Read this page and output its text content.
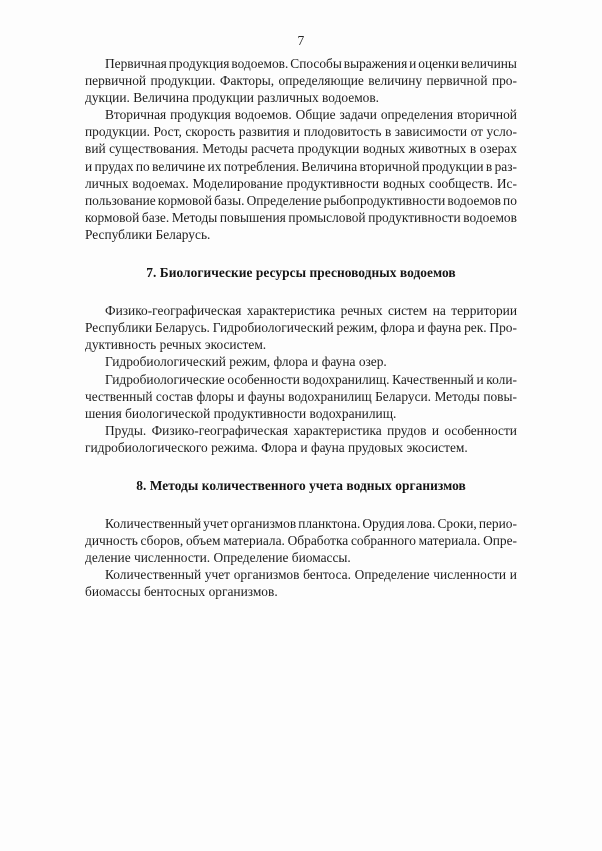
7

Первичная продукция водоемов. Способы выражения и оценки величины
первичной продукции. Факторы, определяющие величину первичной про-
дукции. Величина продукции различных водоемов.

Вторичная продукция водоемов. Общие задачи определения вторичной
продукции. Рост, скорость развития и плодовитость в зависимости от усло-
вий существования. Методы расчета продукции водных животных в озерах
и прудах по величине их потребления. Величина вторичной продукции в раз-
личных водоемах. Моделирование продуктивности водных сообществ. Ис-
пользование кормовой базы. Определение рыбопродуктивности водоемов по
кормовой базе. Методы повышения промысловой продуктивности водоемов
Республики Беларусь.

7. Биологические ресурсы пресноводных водоемов

Физико-географическая характеристика речных систем на территории
Республики Беларусь. Гидробиологический режим, флора и фауна рек. Про-
дуктивность речных экосистем.

Гидробиологический режим, флора и фауна озер.

Гидробиологические особенности водохранилищ. Качественный и коли-
чественный состав флоры и фауны водохранилищ Беларуси. Методы повы-
шения биологической продуктивности водохранилищ.

Пруды. Физико-географическая характеристика прудов и особенности
гидробиологического режима. Флора и фауна прудовых экосистем.

8. Методы количественного учета водных организмов

Количественный учет организмов планктона. Орудия лова. Сроки, перио-
дичность сборов, объем материала. Обработка собранного материала. Опре-
деление численности. Определение биомассы.

Количественный учет организмов бентоса. Определение численности и
биомассы бентосных организмов.
